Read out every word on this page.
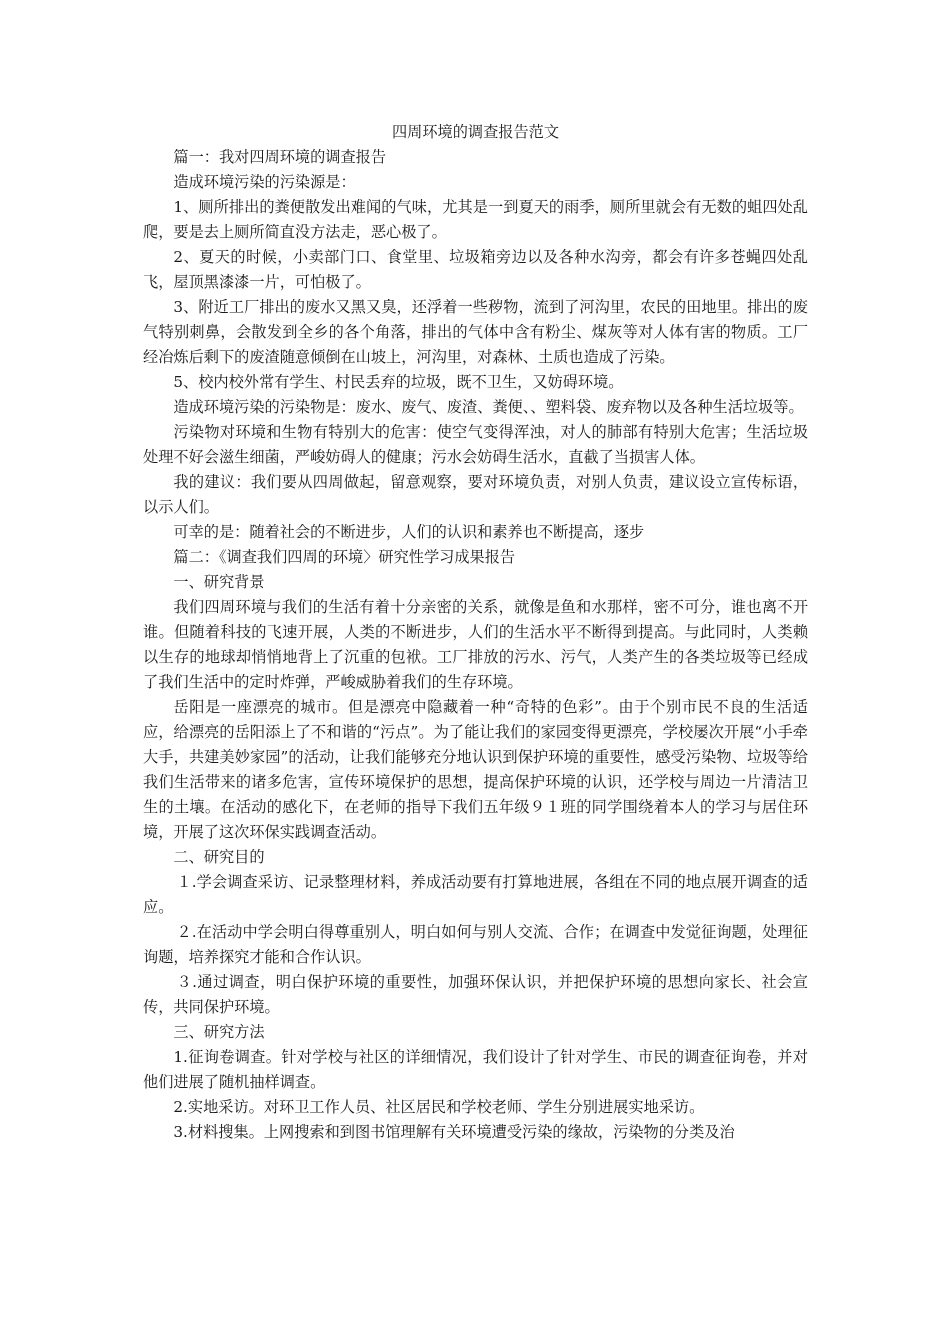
四周环境的调查报告范文

篇一：我对四周环境的调查报告

造成环境污染的污染源是：

1、厕所排出的粪便散发出难闻的气味，尤其是一到夏天的雨季，厕所里就会有无数的蛆四处乱爬，要是去上厕所简直没方法走，恶心极了。

2、夏天的时候，小卖部门口、食堂里、垃圾箱旁边以及各种水沟旁，都会有许多苍蝇四处乱飞，屋顶黑漆漆一片，可怕极了。

3、附近工厂排出的废水又黑又臭，还浮着一些秽物，流到了河沟里，农民的田地里。排出的废气特别刺鼻，会散发到全乡的各个角落，排出的气体中含有粉尘、煤灰等对人体有害的物质。工厂经冶炼后剩下的废渣随意倾倒在山坡上，河沟里，对森林、土质也造成了污染。

5、校内校外常有学生、村民丢弃的垃圾，既不卫生，又妨碍环境。

造成环境污染的污染物是：废水、废气、废渣、粪便、、塑料袋、废弃物以及各种生活垃圾等。

污染物对环境和生物有特别大的危害：使空气变得浑浊，对人的肺部有特别大危害；生活垃圾处理不好会滋生细菌，严峻妨碍人的健康；污水会妨碍生活水，直截了当损害人体。

我的建议：我们要从四周做起，留意观察，要对环境负责，对别人负责，建议设立宣传标语，以示人们。

可幸的是：随着社会的不断进步，人们的认识和素养也不断提高，逐步

篇二：《调查我们四周的环境〉研究性学习成果报告

一、研究背景

我们四周环境与我们的生活有着十分亲密的关系，就像是鱼和水那样，密不可分，谁也离不开谁。但随着科技的飞速开展，人类的不断进步，人们的生活水平不断得到提高。与此同时，人类赖以生存的地球却悄悄地背上了沉重的包袱。工厂排放的污水、污气，人类产生的各类垃圾等已经成了我们生活中的定时炸弹，严峻威胁着我们的生存环境。

岳阳是一座漂亮的城市。但是漂亮中隐藏着一种“奇特的色彩”。由于个别市民不良的生活适应，给漂亮的岳阳添上了不和谐的“污点”。为了能让我们的家园变得更漂亮，学校屡次开展“小手牵大手，共建美妙家园”的活动，让我们能够充分地认识到保护环境的重要性，感受污染物、垃圾等给我们生活带来的诸多危害，宣传环境保护的思想，提高保护环境的认识，还学校与周边一片清洁卫生的土壤。在活动的感化下，在老师的指导下我们五年级９１班的同学围绕着本人的学习与居住环境，开展了这次环保实践调查活动。

二、研究目的

１.学会调查采访、记录整理材料，养成活动要有打算地进展，各组在不同的地点展开调查的适应。

２.在活动中学会明白得尊重别人，明白如何与别人交流、合作；在调查中发觉征询题，处理征询题，培养探究才能和合作认识。

３.通过调查，明白保护环境的重要性，加强环保认识，并把保护环境的思想向家长、社会宣传，共同保护环境。

三、研究方法

1.征询卷调查。针对学校与社区的详细情况，我们设计了针对学生、市民的调查征询卷，并对他们进展了随机抽样调查。

2.实地采访。对环卫工作人员、社区居民和学校老师、学生分别进展实地采访。

3.材料搜集。上网搜索和到图书馆理解有关环境遭受污染的缘故，污染物的分类及治
